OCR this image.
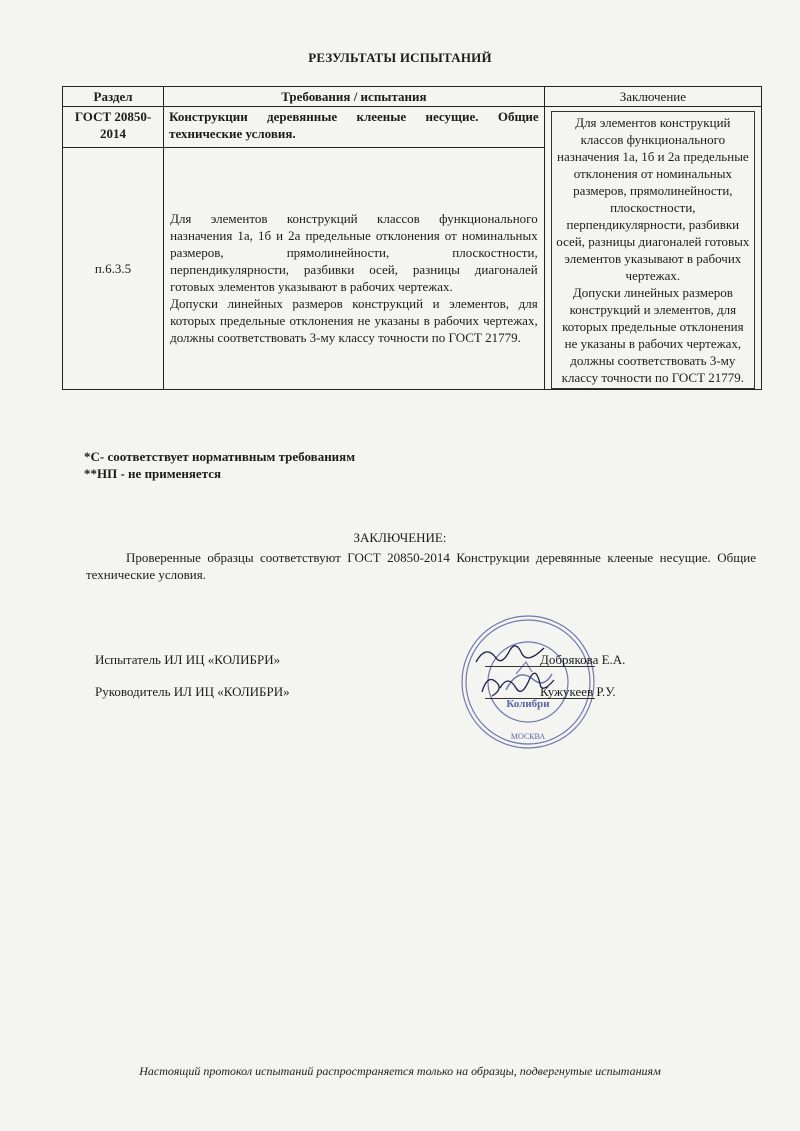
РЕЗУЛЬТАТЫ ИСПЫТАНИЙ
Раздел	Требования / испытания	Заключение
ГОСТ 20850-2014	Конструкции деревянные клееные несущие. Общие технические условия.	Для элементов конструкций классов функционального назначения 1а, 1б и 2а предельные отклонения от номинальных размеров, прямолинейности, плоскостности, перпендикулярности, разбивки осей, разницы диагоналей готовых элементов указывают в рабочих чертежах.
Допуски линейных размеров конструкций и элементов, для которых предельные отклонения не указаны в рабочих чертежах, должны соответствовать 3-му классу точности по ГОСТ 21779.

п.6.3.5	Для элементов конструкций классов функционального назначения 1а, 1б и 2а предельные отклонения от номинальных размеров, прямолинейности, плоскостности, перпендикулярности, разбивки осей, разницы диагоналей готовых элементов указывают в рабочих чертежах.

Допуски линейных размеров конструкций и элементов, для которых предельные отклонения не указаны в рабочих чертежах, должны соответствовать 3-му классу точности по ГОСТ 21779.	

*С- соответствует нормативным требованиям
**НП - не применяется
ЗАКЛЮЧЕНИЕ:
Проверенные образцы соответствуют ГОСТ 20850-2014 Конструкции деревянные клееные несущие. Общие технические условия.
Колибри
МОСКВА
Испытатель ИЛ ИЦ «КОЛИБРИ»	Добрякова Е.А.
Руководитель ИЛ ИЦ «КОЛИБРИ»	Кужукеев Р.У.
Настоящий протокол испытаний распространяется только на образцы, подвергнутые испытаниям
